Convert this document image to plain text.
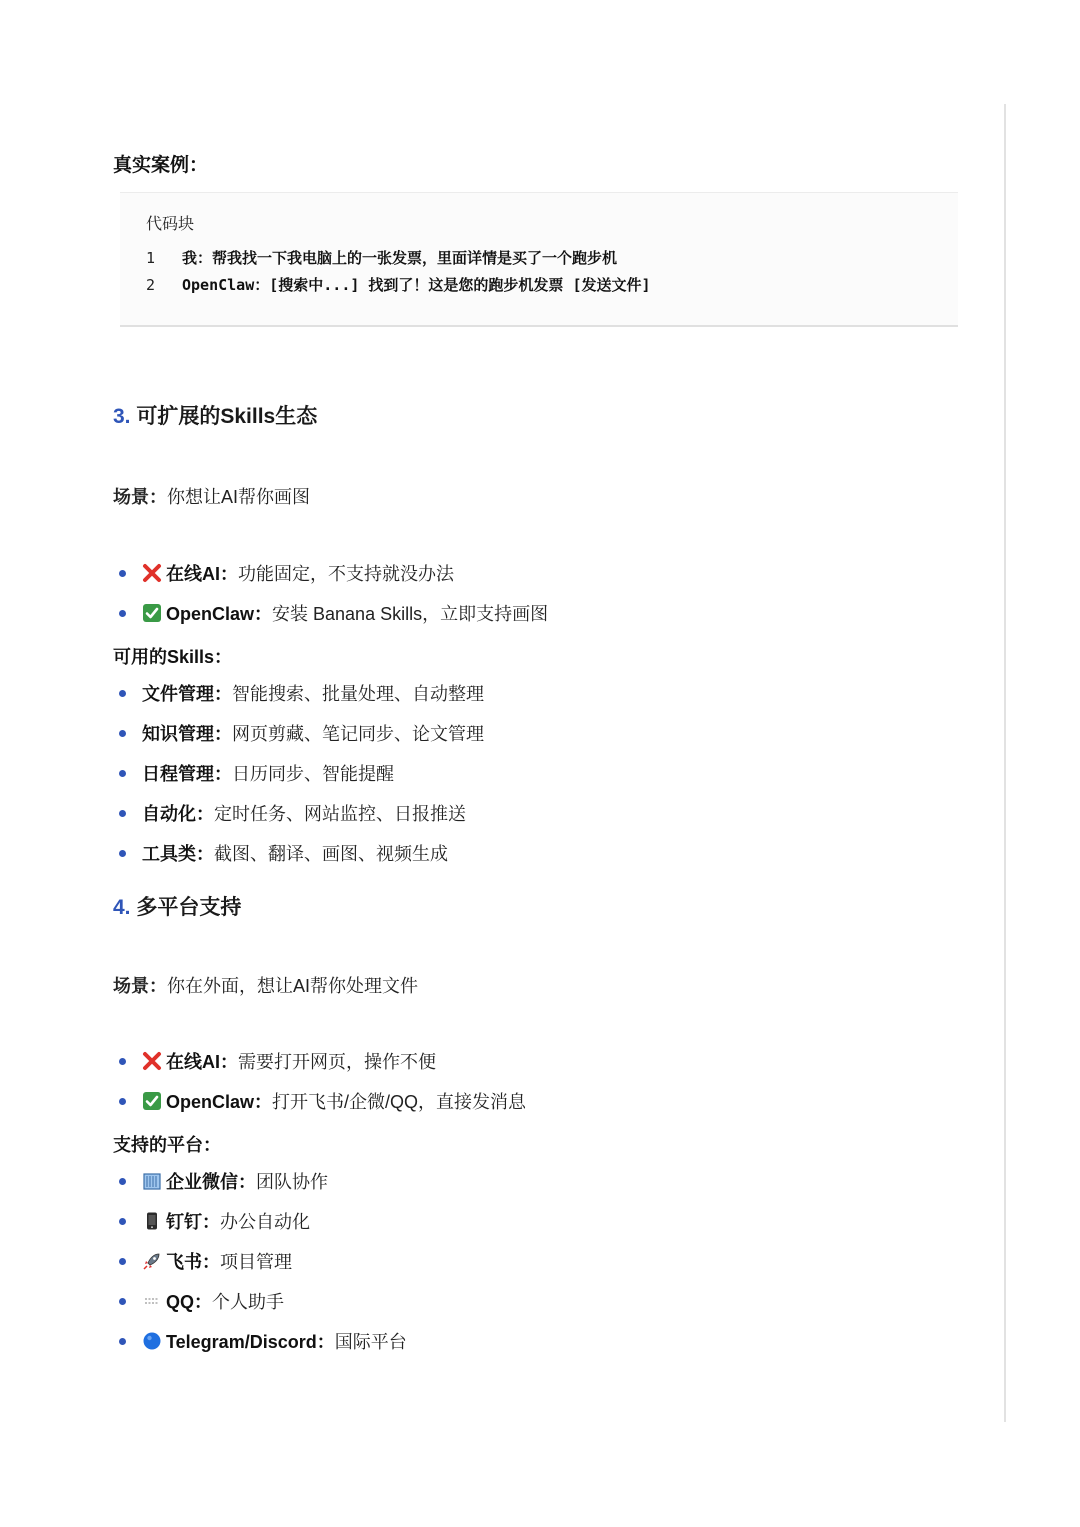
真实案例：
代码块
1 我：帮我找一下我电脑上的一张发票，里面详情是买了一个跑步机
2 OpenClaw：[搜索中...] 找到了！这是您的跑步机发票 [发送文件]
3. 可扩展的Skills生态
场景：你想让AI帮你画图
在线AI：功能固定，不支持就没办法
OpenClaw：安装 Banana Skills，立即支持画图
可用的Skills：
文件管理：智能搜索、批量处理、自动整理
知识管理：网页剪藏、笔记同步、论文管理
日程管理：日历同步、智能提醒
自动化：定时任务、网站监控、日报推送
工具类：截图、翻译、画图、视频生成
4. 多平台支持
场景：你在外面，想让AI帮你处理文件
在线AI：需要打开网页，操作不便
OpenClaw：打开飞书/企微/QQ，直接发消息
支持的平台：
企业微信：团队协作
钉钉：办公自动化
飞书：项目管理
QQ：个人助手
Telegram/Discord：国际平台
